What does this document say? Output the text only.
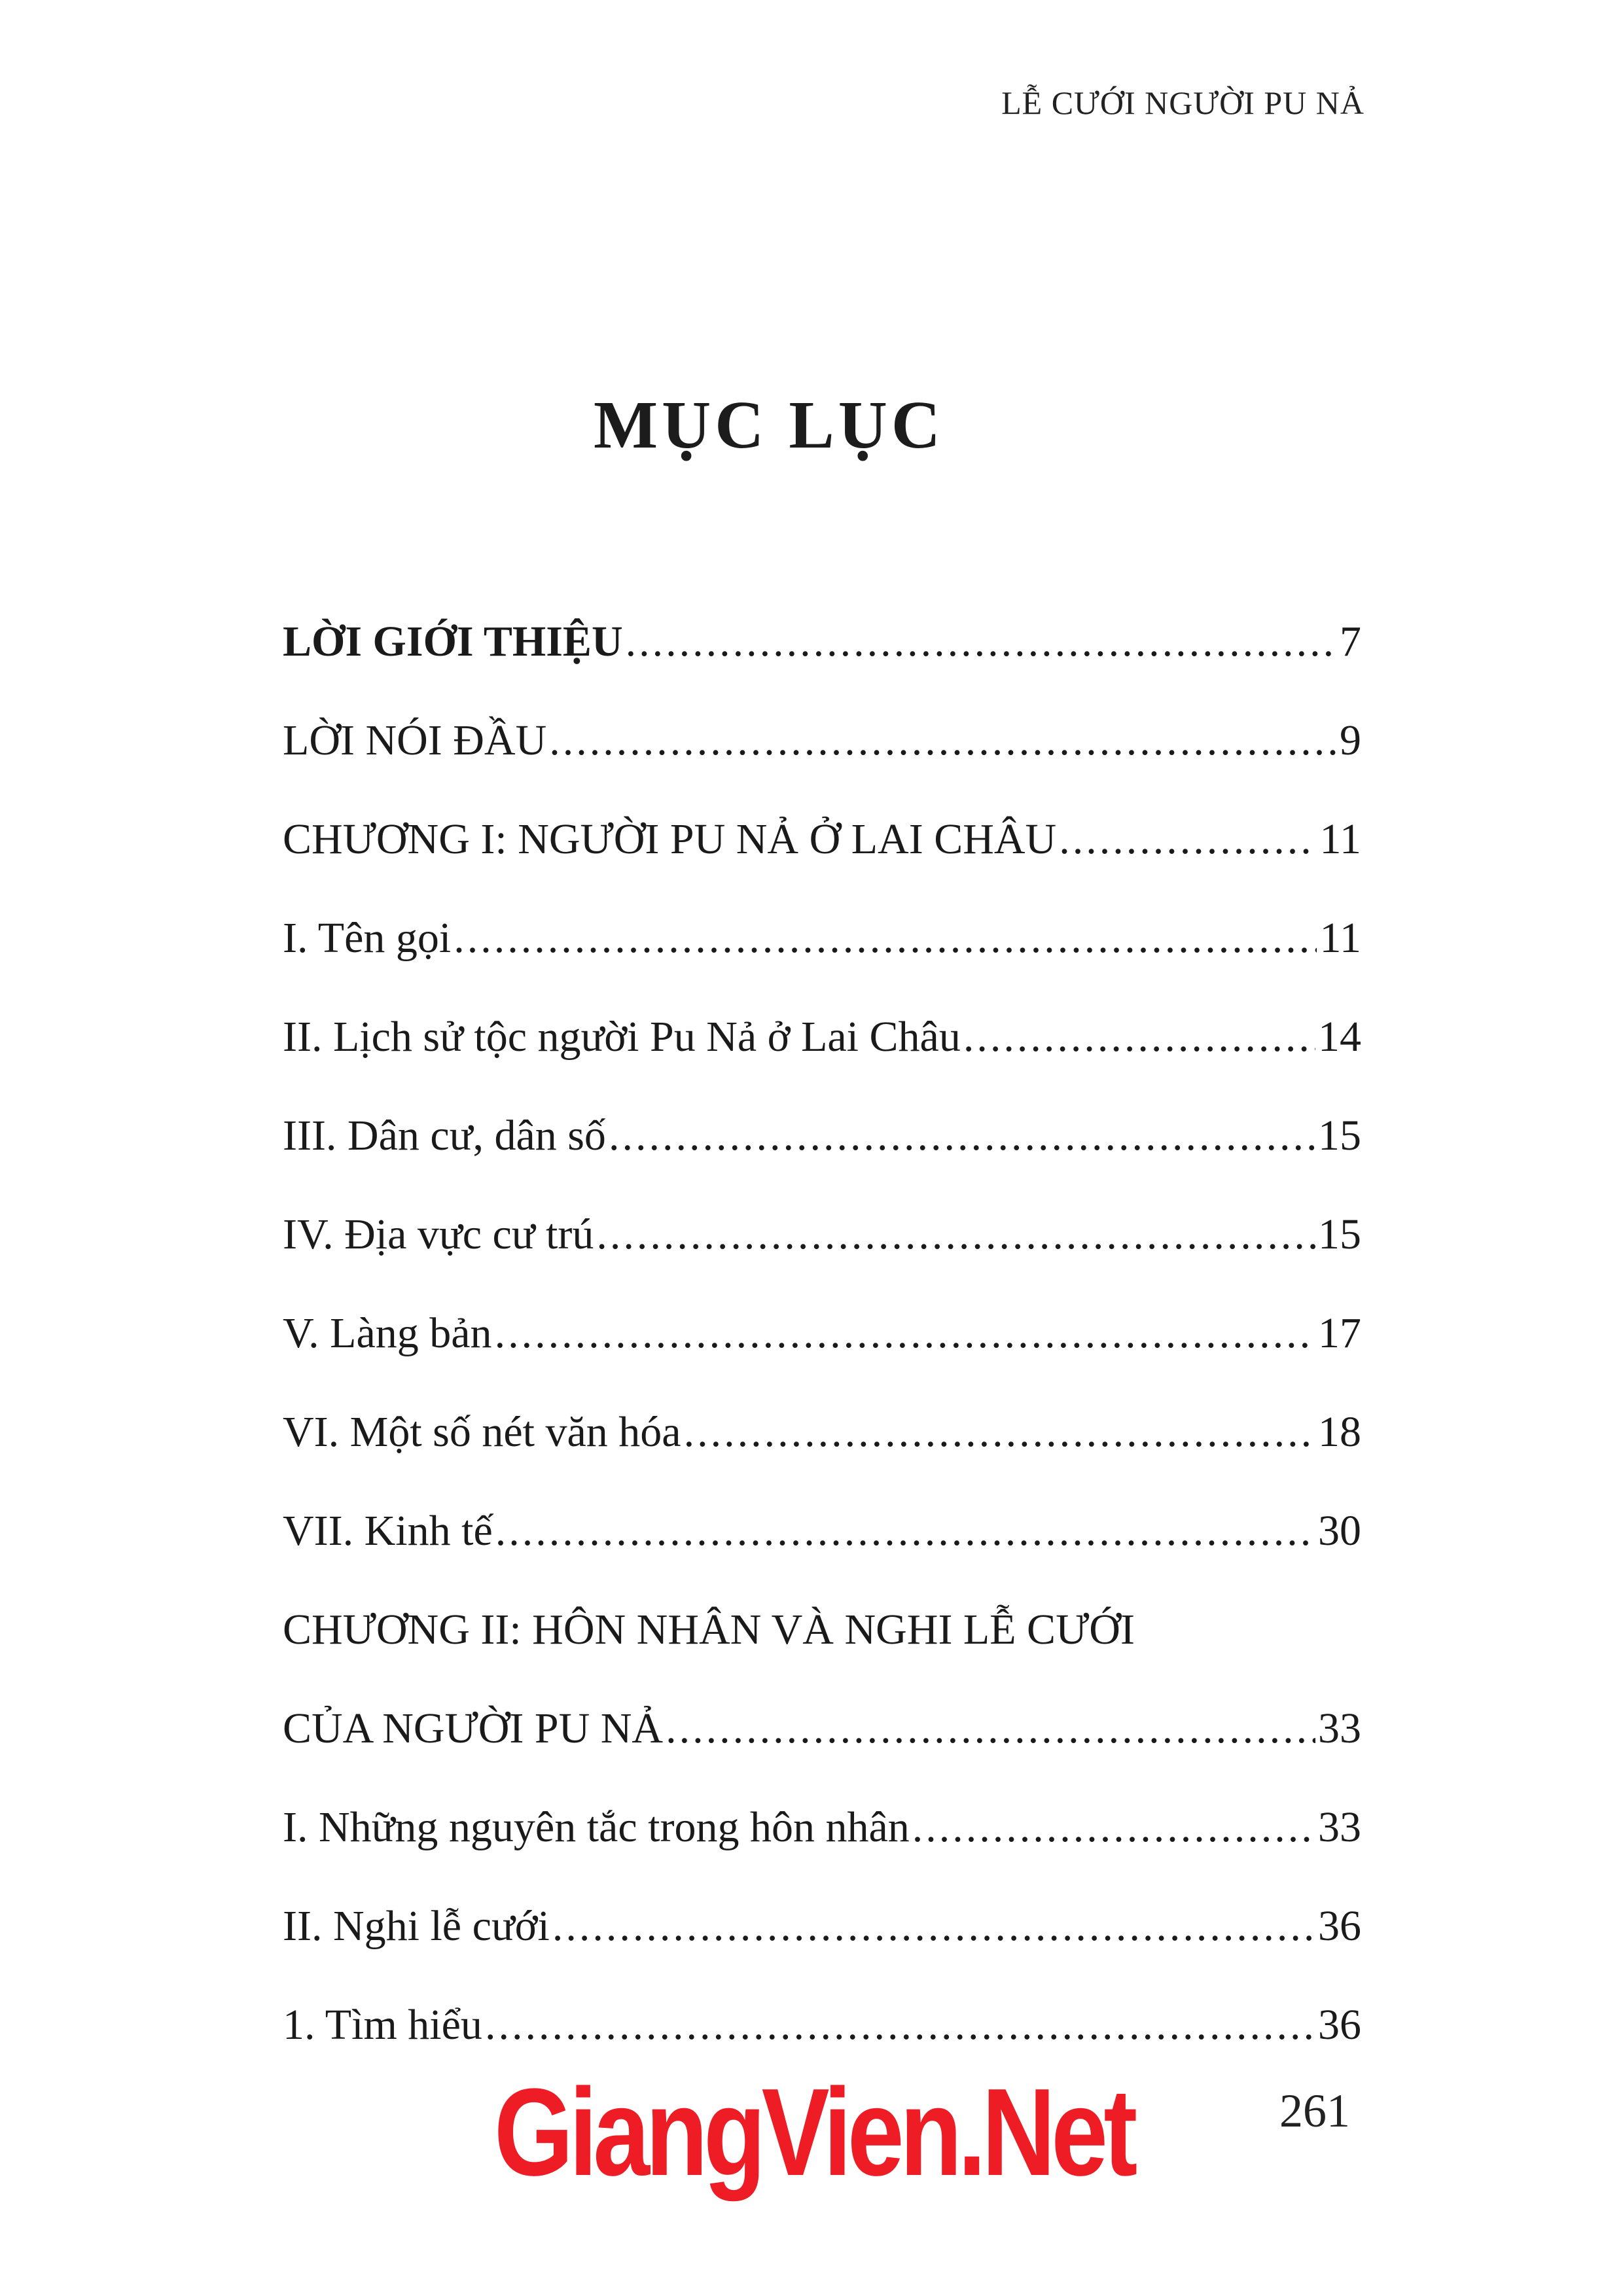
LỄ CƯỚI NGƯỜI PU NẢ
MỤC LỤC
LỜI GIỚI THIỆU .....	7
LỜI NÓI ĐẦU .....	9
CHƯƠNG I: NGƯỜI PU NẢ Ở LAI CHÂU .....	11
I. Tên gọi .....	11
II. Lịch sử tộc người Pu Nả ở Lai Châu .....	14
III. Dân cư, dân số .....	15
IV. Địa vực cư trú .....	15
V. Làng bản .....	17
VI. Một số nét văn hóa .....	18
VII. Kinh tế .....	30
CHƯƠNG II: HÔN NHÂN VÀ NGHI LỄ CƯỚI
CỦA NGƯỜI PU NẢ .....	33
I. Những nguyên tắc trong hôn nhân .....	33
II. Nghi lễ cưới .....	36
1. Tìm hiểu .....	36
GiangVien.Net	261
